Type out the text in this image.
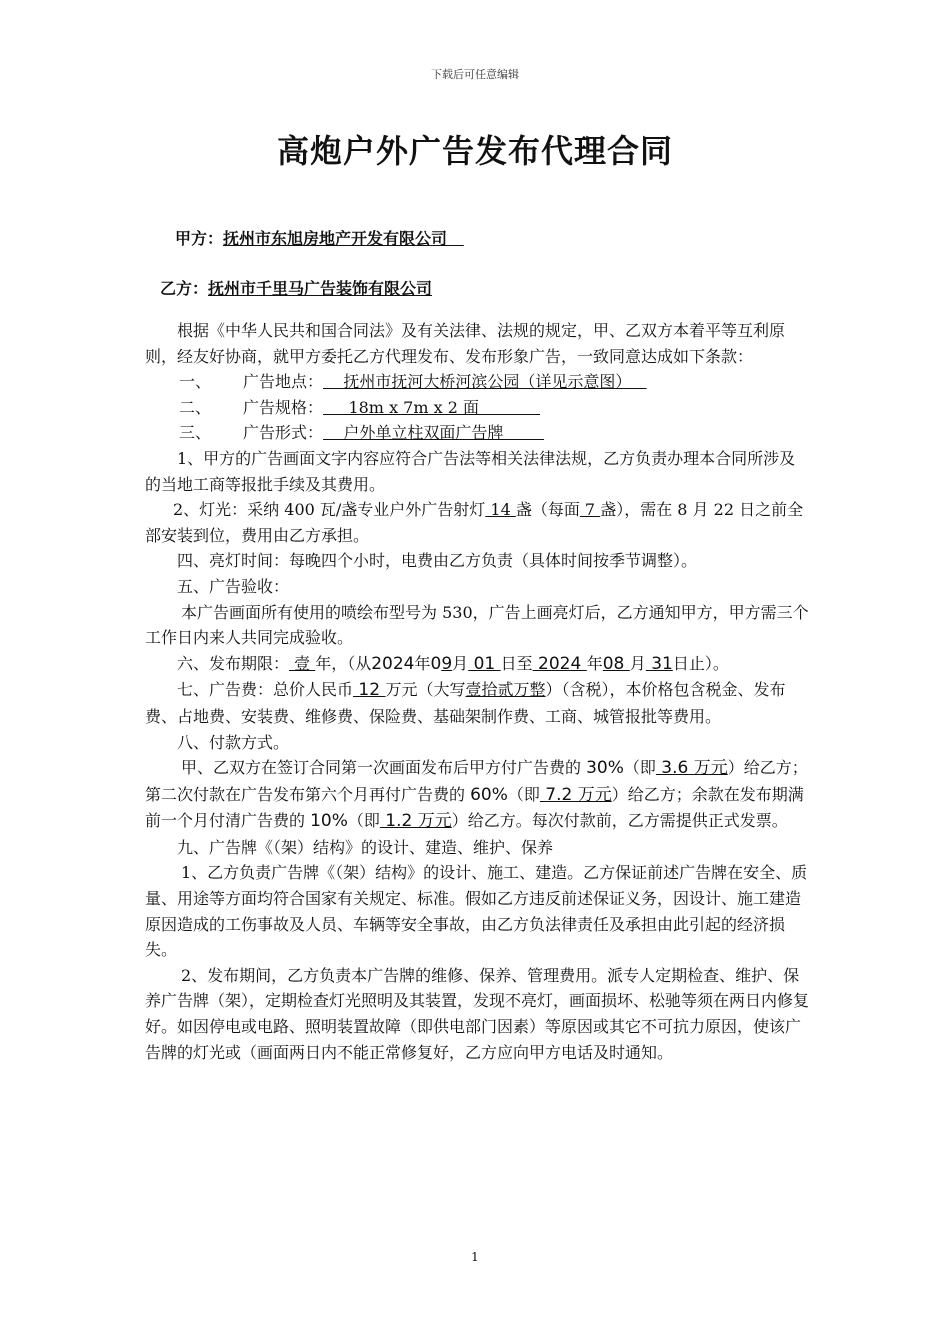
下载后可任意编辑
高炮户外广告发布代理合同
甲方：抚州市东旭房地产开发有限公司
乙方：抚州市千里马广告装饰有限公司

根据《中华人民共和国合同法》及有关法律、法规的规定，甲、乙双方本着平等互利原则，经友好协商，就甲方委托乙方代理发布、发布形象广告，一致同意达成如下条款：

一、 广告地点：    抚州市抚河大桥河滨公园（详见示意图）

二、 广告规格：     18m x 7m x 2 面

三、 广告形式：    户外单立柱双面广告牌

1、甲方的广告画面文字内容应符合广告法等相关法律法规，乙方负责办理本合同所涉及的当地工商等报批手续及其费用。

2、灯光：采纳 400 瓦/盏专业户外广告射灯 14 盏（每面 7 盏），需在 8 月 22 日之前全部安装到位，费用由乙方承担。

四、亮灯时间：每晚四个小时，电费由乙方负责（具体时间按季节调整）。

五、广告验收：

本广告画面所有使用的喷绘布型号为 530，广告上画亮灯后，乙方通知甲方，甲方需三个工作日内来人共同完成验收。

六、发布期限： 壹 年，（从2024年09月 01 日至 2024 年08 月 31日止）。

七、广告费：总价人民币 12 万元（大写壹拾贰万整）（含税），本价格包含税金、发布费、占地费、安装费、维修费、保险费、基础架制作费、工商、城管报批等费用。

八、付款方式。

甲、乙双方在签订合同第一次画面发布后甲方付广告费的 30%（即 3.6 万元）给乙方；第二次付款在广告发布第六个月再付广告费的 60%（即 7.2 万元）给乙方；余款在发布期满前一个月付清广告费的 10%（即 1.2 万元）给乙方。每次付款前，乙方需提供正式发票。

九、广告牌《（架）结构》的设计、建造、维护、保养

1、乙方负责广告牌《（架）结构》的设计、施工、建造。乙方保证前述广告牌在安全、质量、用途等方面均符合国家有关规定、标准。假如乙方违反前述保证义务，因设计、施工建造原因造成的工伤事故及人员、车辆等安全事故，由乙方负法律责任及承担由此引起的经济损失。

2、发布期间，乙方负责本广告牌的维修、保养、管理费用。派专人定期检查、维护、保养广告牌（架），定期检查灯光照明及其装置，发现不亮灯，画面损坏、松驰等须在两日内修复好。如因停电或电路、照明装置故障（即供电部门因素）等原因或其它不可抗力原因，使该广告牌的灯光或（画面两日内不能正常修复好，乙方应向甲方电话及时通知。

1
